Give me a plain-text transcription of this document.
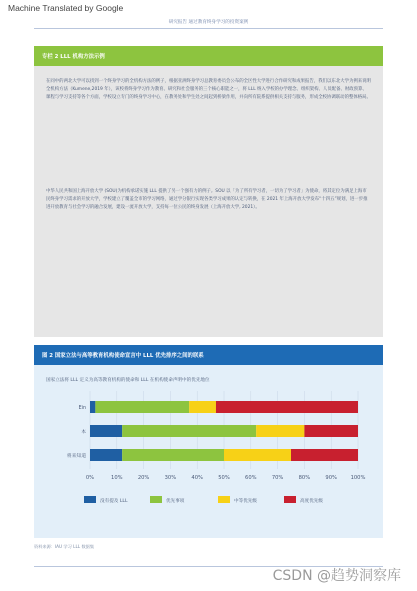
Machine Translated by Google
研究报告 通过教育终身学习的投资案例
专栏 2 LLL 机构方法示例
在同中的两北大学可以找到一个终身学习的全机构方法的例子，根据亚洲终身学习总教育委员会公布的全区性大学进行合作研究和成果报告，我们以东北大学为例来说明全机构方法（Kumene,2019 年），该校将终身学习作为教育、研究和社会服务的三个核心职能之一，将 LLL 纳入学校的办学理念、组织架构、人员配备、财政预算、课程与学习支持等各个方面，学校设立专门的终身学习中心，在教务处和学生处之间起到桥梁作用，并向所有院系提供相关支持与服务，形成全校协调联动的整体格局。
中华人民共和国上海开放大学 (SOU)为机构承诺实施 LLL 提供了另一个强有力的例子。SOU 以「为了所有学习者，一切为了学习者」为使命，将其定位为满足上海市民终身学习需求的开放大学，学校建立了覆盖全市的学习网络，通过学分银行实现各类学习成果的认定与转换，在 2021 年上海开放大学发布“十四五”规划，进一步推进开放教育与社会学习的融合发展，建设一流开放大学，支持每一位公民的终身发展（上海开放大学, 2021）。
图 2 国家立法与高等教育机构使命宣言中 LLL 优先排序之间的联系
国家立法将 LLL 定义为高等教育机构的使命和 LLL 在机构使命声明中的优先地位
0%	10%	20%	30%	40%	50%	60%	70%	80%	90%	100%
Ein
本
将来知道
没有提及 LLL	优先事项	中等优先级	高度优先级
资料来源：IAU 学习 LLL 数据集
CSDN @趋势洞察库
